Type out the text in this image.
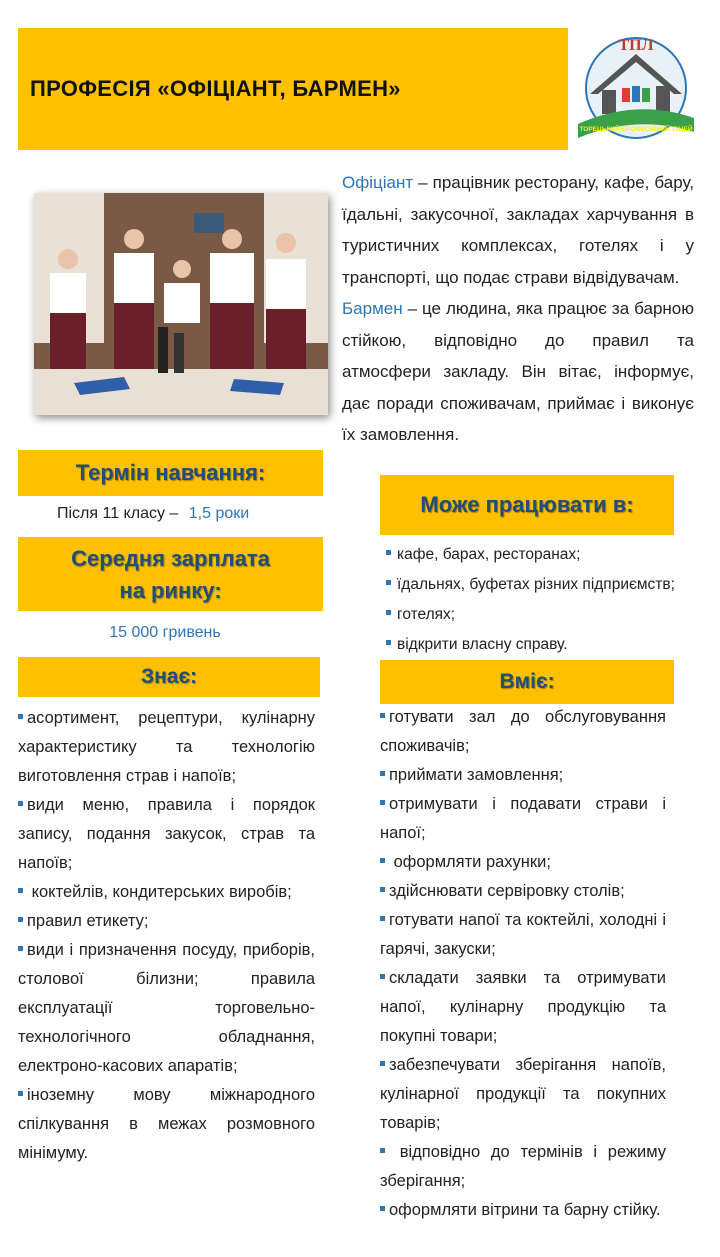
ПРОФЕСІЯ «ОФІЦІАНТ, БАРМЕН»
ТПЛ
ТОРЕЦЬКИЙ ПРОФЕСІЙНИЙ ЛІЦЕЙ
Офіціант – працівник ресторану, кафе, бару, їдальні, закусочної, закладах харчування в туристичних комплексах, готелях і у транспорті, що подає страви відвідувачам.
Бармен – це людина, яка працює за барною стійкою, відповідно до правил та атмосфери закладу. Він вітає, інформує, дає поради споживачам, приймає і виконує їх замовлення.
Термін навчання:
Після 11 класу – 1,5 роки
Середня зарплата
на ринку:
15 000 гривень
Може працювати в:
кафе, барах, ресторанах;
їдальнях, буфетах різних підприємств;
готелях;
відкрити власну справу.
Знає:
асортимент, рецептури, кулінарну характеристику та технологію виготовлення страв і напоїв;
види меню, правила і порядок запису, подання закусок, страв та напоїв;
коктейлів, кондитерських виробів;
правил етикету;
види і призначення посуду, приборів, столової білизни; правила експлуатації торговельно-технологічного обладнання, електроно-касових апаратів;
іноземну мову міжнародного спілкування в межах розмовного мінімуму.
Вміє:
готувати зал до обслуговування споживачів;
приймати замовлення;
отримувати і подавати страви і напої;
оформляти рахунки;
здійснювати сервіровку столів;
готувати напої та коктейлі, холодні і гарячі, закуски;
складати заявки та отримувати напої, кулінарну продукцію та покупні товари;
забезпечувати зберігання напоїв, кулінарної продукції та покупних товарів;
відповідно до термінів і режиму зберігання;
оформляти вітрини та барну стійку.
